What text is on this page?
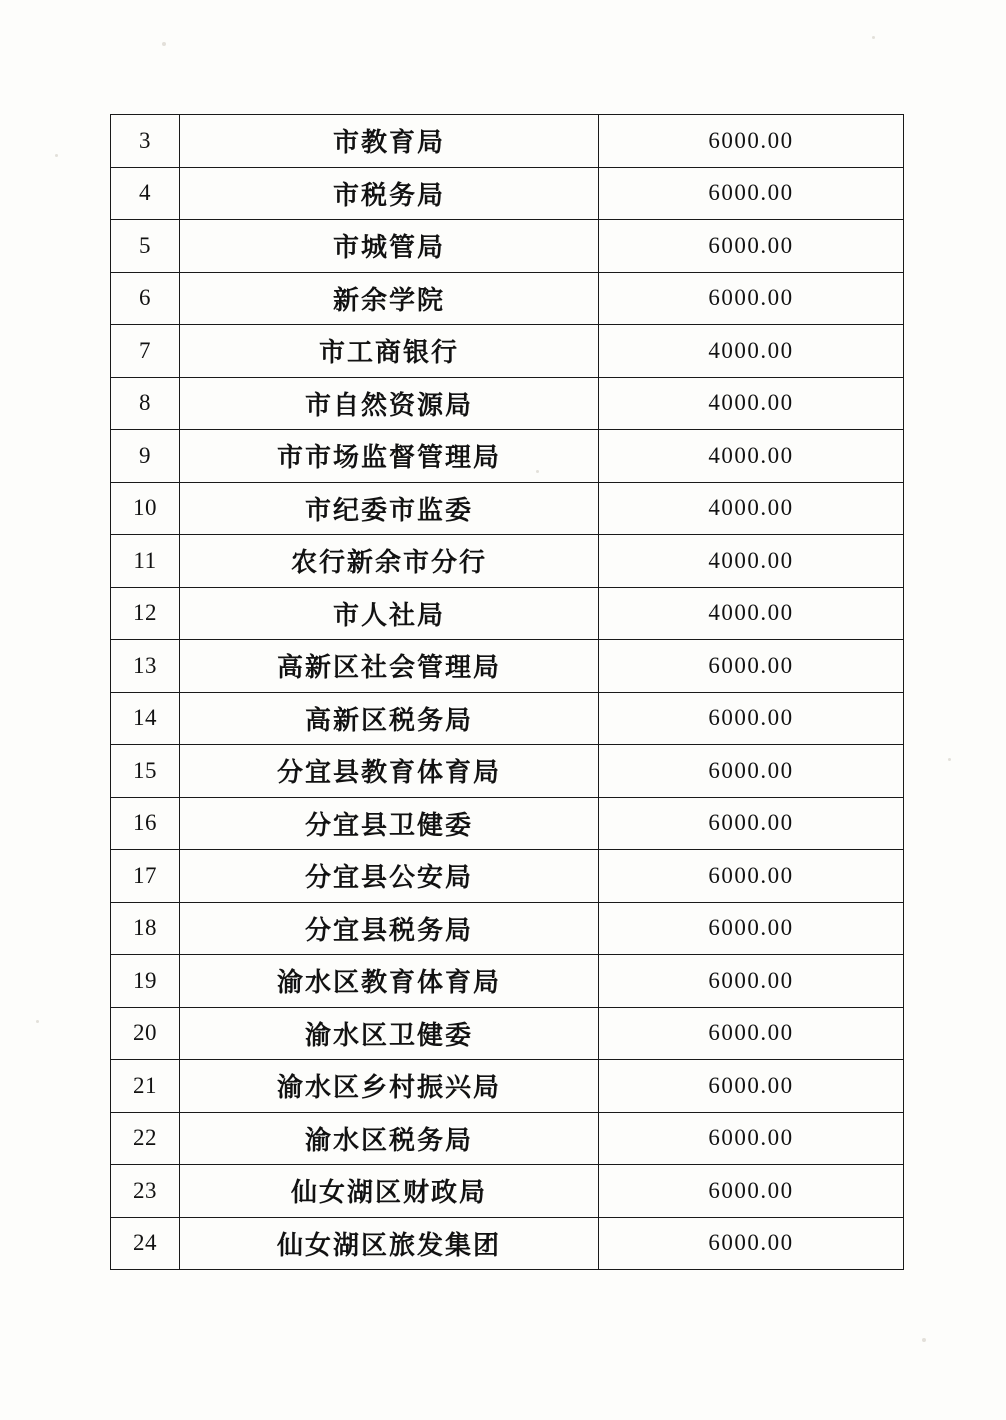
3	市教育局	6000.00
4	市税务局	6000.00
5	市城管局	6000.00
6	新余学院	6000.00
7	市工商银行	4000.00
8	市自然资源局	4000.00
9	市市场监督管理局	4000.00
10	市纪委市监委	4000.00
11	农行新余市分行	4000.00
12	市人社局	4000.00
13	高新区社会管理局	6000.00
14	高新区税务局	6000.00
15	分宜县教育体育局	6000.00
16	分宜县卫健委	6000.00
17	分宜县公安局	6000.00
18	分宜县税务局	6000.00
19	渝水区教育体育局	6000.00
20	渝水区卫健委	6000.00
21	渝水区乡村振兴局	6000.00
22	渝水区税务局	6000.00
23	仙女湖区财政局	6000.00
24	仙女湖区旅发集团	6000.00
